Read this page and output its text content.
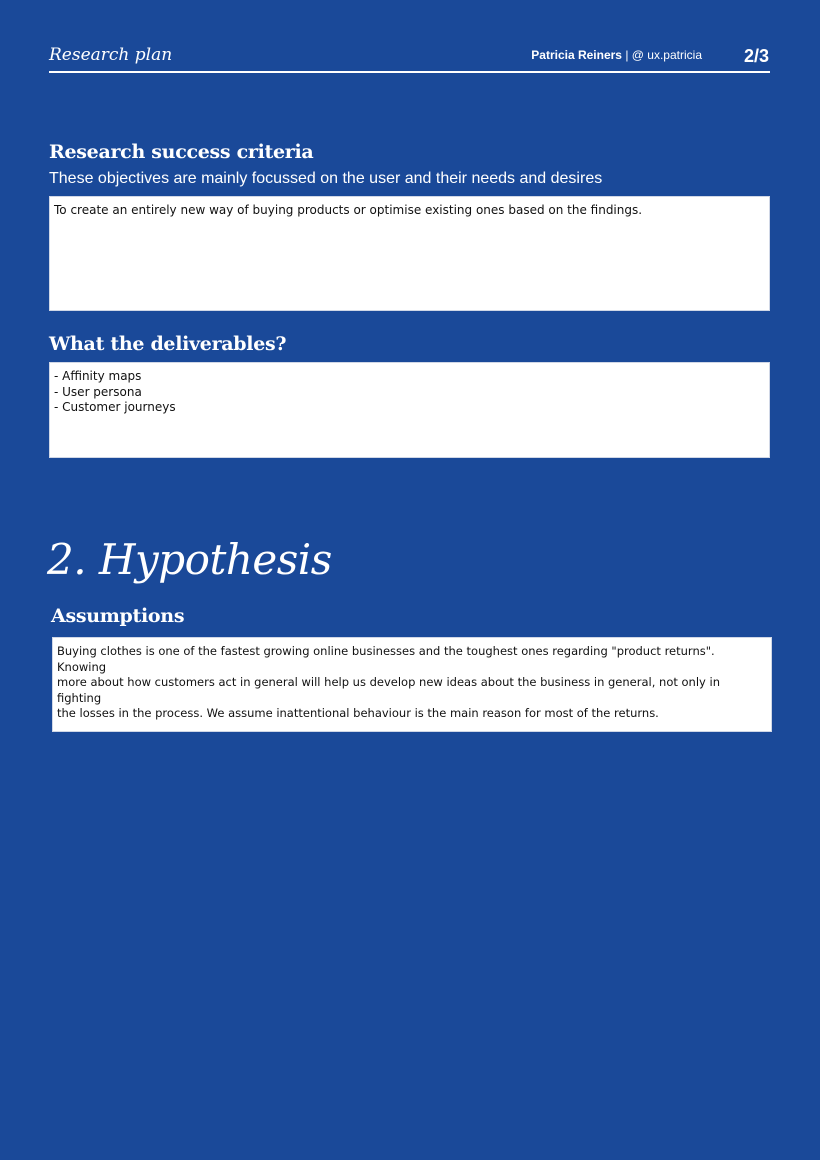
Research plan	Patricia Reiners | @ ux.patricia 2/3
Research success criteria
These objectives are mainly focussed on the user and their needs and desires
To create an entirely new way of buying products or optimise existing ones based on the findings.
What the deliverables?
- Affinity maps
- User persona
- Customer journeys
2. Hypothesis
Assumptions
Buying clothes is one of the fastest growing online businesses and the toughest ones regarding "product returns". Knowing
more about how customers act in general will help us develop new ideas about the business in general, not only in fighting
the losses in the process. We assume inattentional behaviour is the main reason for most of the returns.
